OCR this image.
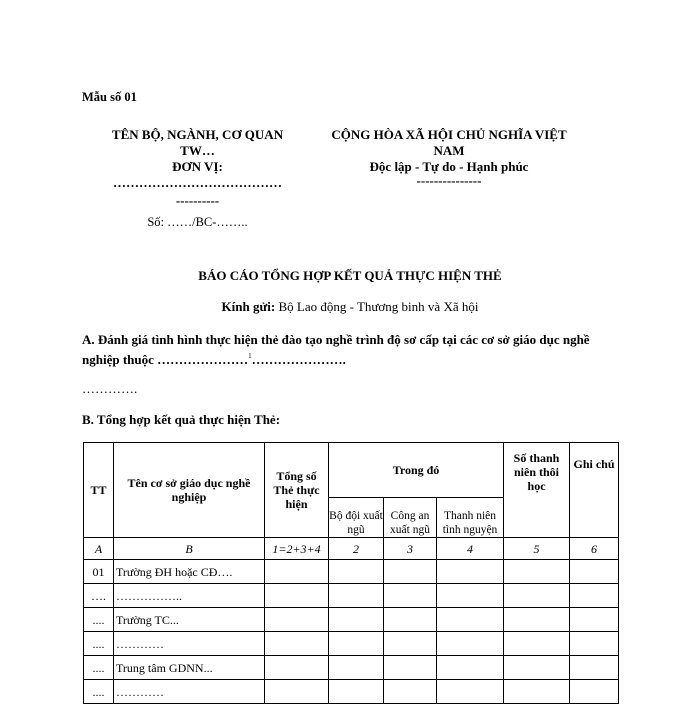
Mẫu số 01
TÊN BỘ, NGÀNH, CƠ QUAN
TW…
ĐƠN VỊ:
…………………………………
----------
Số: ……/BC-……..
CỘNG HÒA XÃ HỘI CHỦ NGHĨA VIỆT
NAM
Độc lập - Tự do - Hạnh phúc
---------------
BÁO CÁO TỔNG HỢP KẾT QUẢ THỰC HIỆN THẺ
Kính gửi: Bộ Lao động - Thương binh và Xã hội
A. Đánh giá tình hình thực hiện thẻ đào tạo nghề trình độ sơ cấp tại các cơ sở giáo dục nghề nghiệp thuộc …………………$^1$………………….
………….
B. Tổng hợp kết quả thực hiện Thẻ:
TT	Tên cơ sở giáo dục nghề nghiệp	Tổng số Thẻ thực hiện	Trong đó			Số thanh niên thôi học	Ghi chú
			Bộ đội xuất ngũ	Công an xuất ngũ	Thanh niên tình nguyện		
A	B	1=2+3+4	2	3	4	5	6
01	Trường ĐH hoặc CĐ….						
….	……………..						
....	Trường TC...						
....	…………						
....	Trung tâm GDNN...						
....	…………						
